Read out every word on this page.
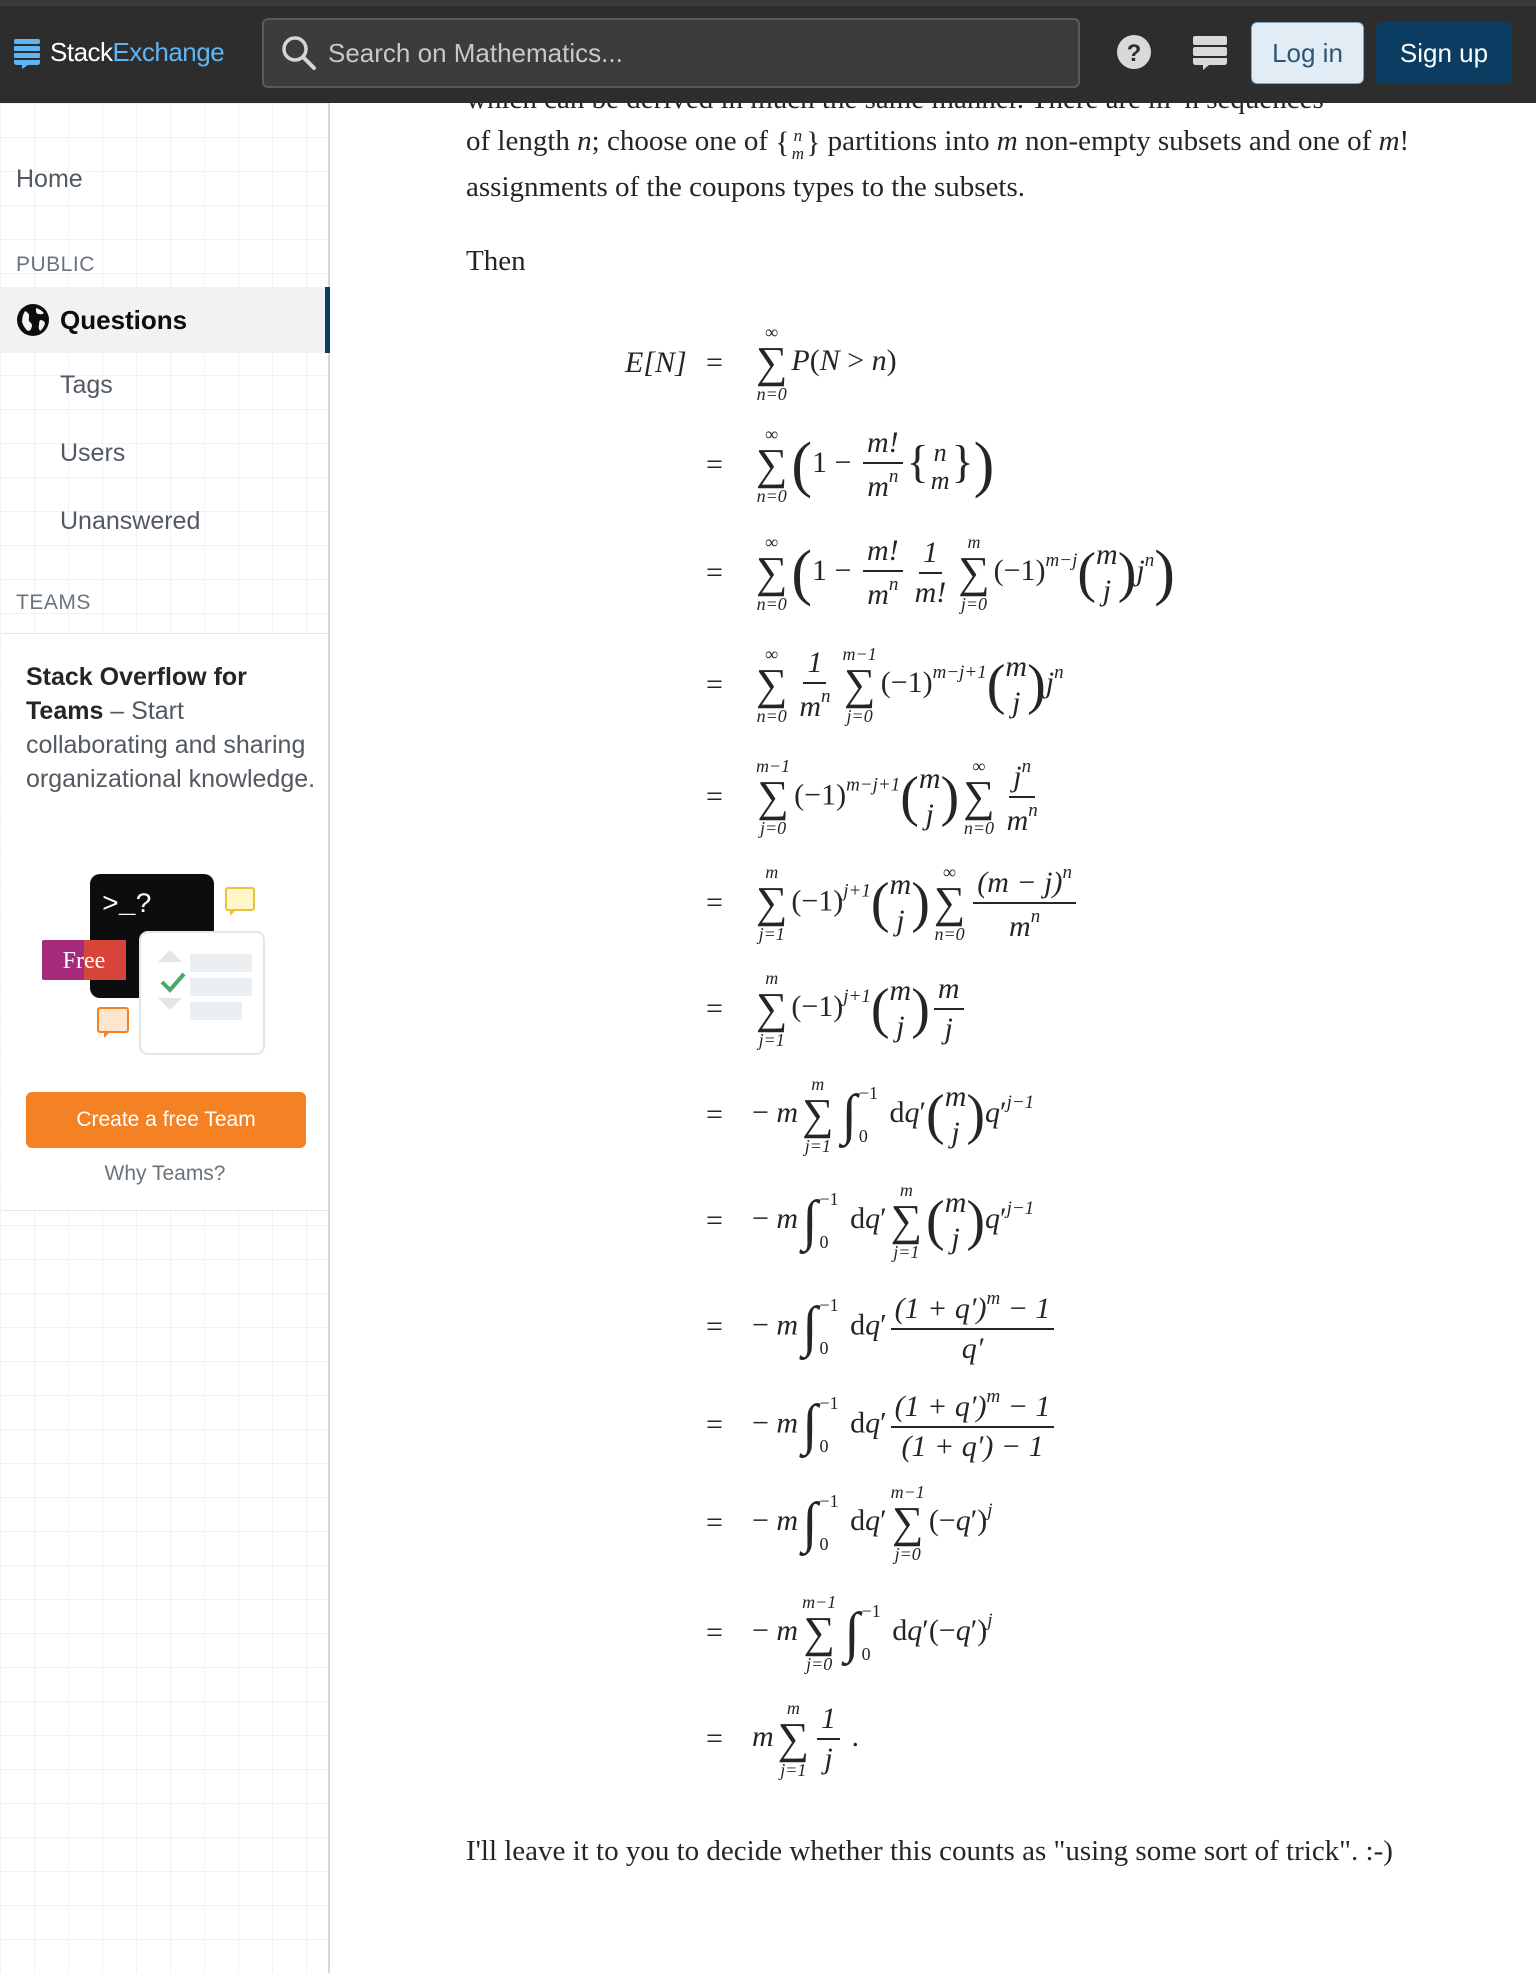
StackExchange
Search on Mathematics...	?	Log in	Sign up
Home
PUBLIC
Questions
Tags
Users
Unanswered
TEAMS
Stack Overflow for Teams – Start collaborating and sharing organizational knowledge.
>_?
Free
Create a free Team
Why Teams?
of length n; choose one of { n
m } partitions into m non-empty subsets and one of m! assignments of the coupons types to the subsets.
Then
E[N] =
∞
∑
n=0
P(N > n)
=
∞
∑
n=0 ($1 - \frac{m!}{m^n}$ { n
m })
=
∞
∑
n=0 ($1 - \frac{m!}{m^n} \frac{1}{m!}$ m
∑
j=0
$(-1)^{m-j}$ ( m
j ) $j^n$)
=
∞
∑
$n=0 \frac{1}{m^n} m-1$
∑
j=0
$(-1)^{m-j+1}$ ( m
j ) $j^n$
=
m−1
∑
j=0
$(-1)^{m-j+1}$ ( m
j ) ∞
∑
$n=0 \frac{j^n}{m^n}$
=
m
∑
j=1
$(-1)^{j+1}$ ( m
j ) ∞
∑
$n=0 \frac{(m - j)^n}{m^n}$
=
m
∑
j=1
$(-1)^{j+1}$ ( m
j ) $\frac{m}{j}$
= − m
m
∑
j=1 ∫ −1
0
dq′ ( m
j ) $q'^{j-1}$
= − m ∫ −1
0
dq′
m
∑
j=1 ( m
j ) $q'^{j-1}$
= − m ∫ −1
0
$dq' \frac{(1 + q')^m - 1}{q'}$
= − m ∫ −1
0
$dq' \frac{(1 + q')^m - 1}{(1 + q') - 1}$
= − m ∫ −1
0
dq′
m−1
∑
j=0
$(-q')^j$
= − m
m−1
∑
j=0 ∫ −1
0
$dq'(-q')^j$
= m
m
∑
$j=1 \frac{1}{j}$ .
I'll leave it to you to decide whether this counts as "using some sort of trick". :-)
